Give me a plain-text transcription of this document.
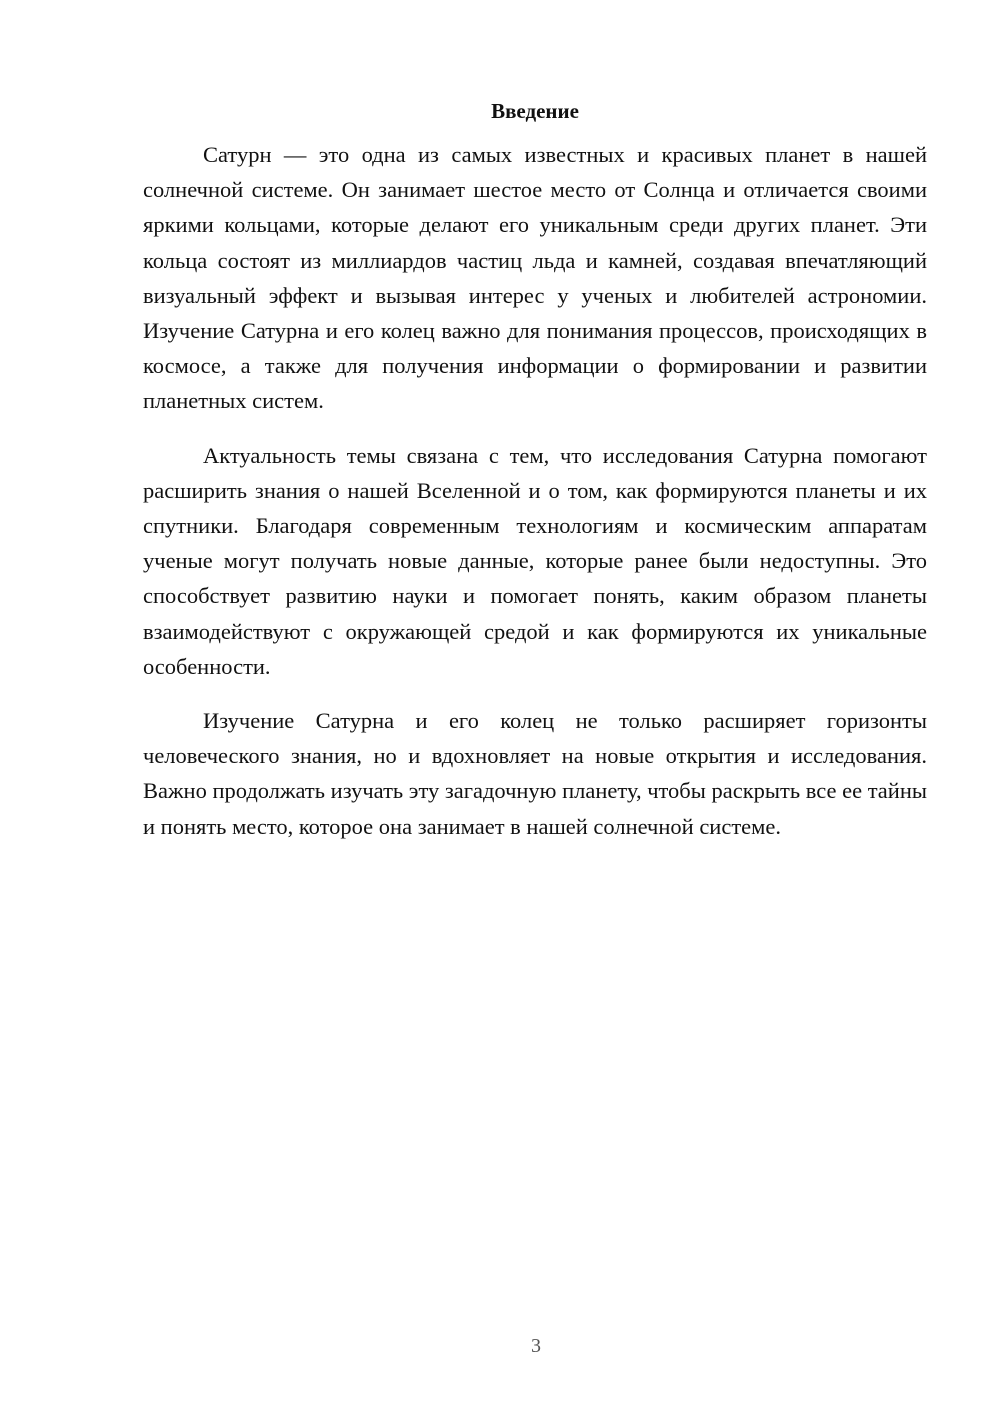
Введение

Сатурн — это одна из самых известных и красивых планет в нашей солнечной системе. Он занимает шестое место от Солнца и отличается своими яркими кольцами, которые делают его уникальным среди других планет. Эти кольца состоят из миллиардов частиц льда и камней, создавая впечатляющий визуальный эффект и вызывая интерес у ученых и любителей астрономии. Изучение Сатурна и его колец важно для понимания процессов, происходящих в космосе, а также для получения информации о формировании и развитии планетных систем.

Актуальность темы связана с тем, что исследования Сатурна помогают расширить знания о нашей Вселенной и о том, как формируются планеты и их спутники. Благодаря современным технологиям и космическим аппаратам ученые могут получать новые данные, которые ранее были недоступны. Это способствует развитию науки и помогает понять, каким образом планеты взаимодействуют с окружающей средой и как формируются их уникальные особенности.

Изучение Сатурна и его колец не только расширяет горизонты человеческого знания, но и вдохновляет на новые открытия и исследования. Важно продолжать изучать эту загадочную планету, чтобы раскрыть все ее тайны и понять место, которое она занимает в нашей солнечной системе.

3
